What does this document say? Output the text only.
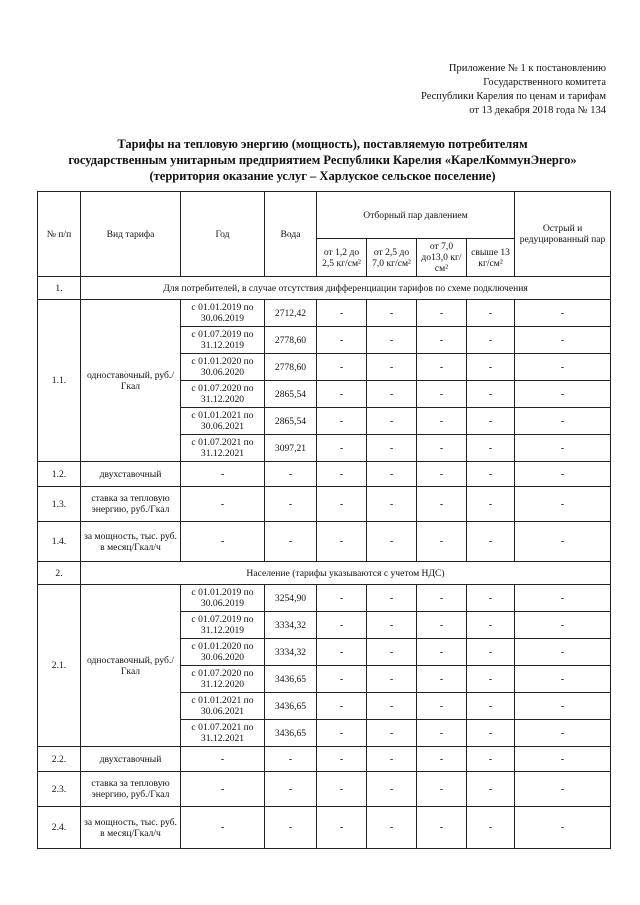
Приложение № 1 к постановлению
Государственного комитета
Республики Карелия по ценам и тарифам
от 13 декабря 2018 года № 134
Тарифы на тепловую энергию (мощность), поставляемую потребителям
государственным унитарным предприятием Республики Карелия «КарелКоммунЭнерго»
(территория оказание услуг – Харлуское сельское поселение)
№ п/п	Вид тарифа	Год	Вода	Отборный пар давлением				Острый и редуцированный пар
				от 1,2 до 2,5 кг/см²	от 2,5 до 7,0 кг/см²	от 7,0 до13,0 кг/см²	свыше 13 кг/см²	
1.	Для потребителей, в случае отсутствия дифференциации тарифов по схеме подключения							
1.1.	одноставочный, руб./Гкал	с 01.01.2019 по 30.06.2019	2712,42	-	-	-	-	-
		с 01.07.2019 по 31.12.2019	2778,60	-	-	-	-	-
		с 01.01.2020 по 30.06.2020	2778,60	-	-	-	-	-
		с 01.07.2020 по 31.12.2020	2865,54	-	-	-	-	-
		с 01.01.2021 по 30.06.2021	2865,54	-	-	-	-	-
		с 01.07.2021 по 31.12.2021	3097,21	-	-	-	-	-
1.2.	двухставочный	-	-	-	-	-	-	-
1.3.	ставка за тепловую энергию, руб./Гкал	-	-	-	-	-	-	-
1.4.	за мощность, тыс. руб. в месяц/Гкал/ч	-	-	-	-	-	-	-
2.	Население (тарифы указываются с учетом НДС)							
2.1.	одноставочный, руб./Гкал	с 01.01.2019 по 30.06.2019	3254,90	-	-	-	-	-
		с 01.07.2019 по 31.12.2019	3334,32	-	-	-	-	-
		с 01.01.2020 по 30.06.2020	3334,32	-	-	-	-	-
		с 01.07.2020 по 31.12.2020	3436,65	-	-	-	-	-
		с 01.01.2021 по 30.06.2021	3436,65	-	-	-	-	-
		с 01.07.2021 по 31.12.2021	3436,65	-	-	-	-	-
2.2.	двухставочный	-	-	-	-	-	-	-
2.3.	ставка за тепловую энергию, руб./Гкал	-	-	-	-	-	-	-
2.4.	за мощность, тыс. руб. в месяц/Гкал/ч	-	-	-	-	-	-	-
